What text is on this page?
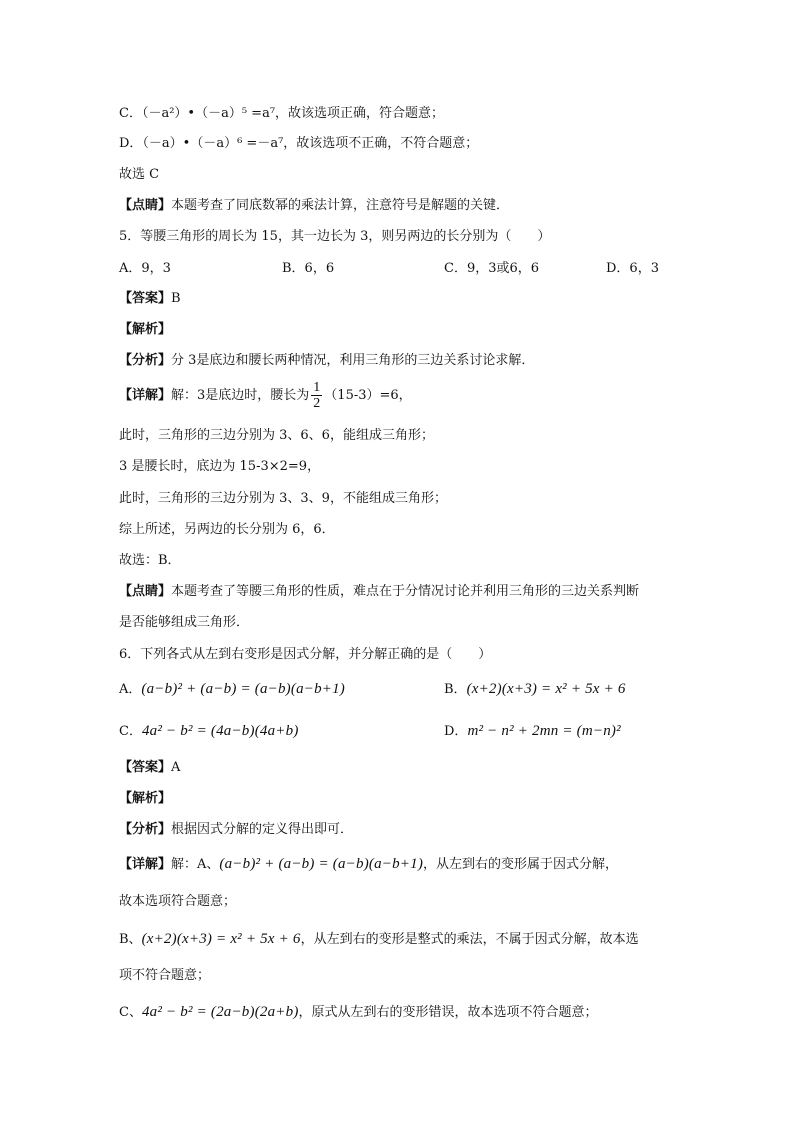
C．（－a²）•（－a）⁵ =a⁷，故该选项正确，符合题意；
D．（－a）•（－a）⁶ =－a⁷，故该选项不正确，不符合题意；
故选 C
【点睛】本题考查了同底数幂的乘法计算，注意符号是解题的关键．
5．等腰三角形的周长为 15，其一边长为 3，则另两边的长分别为（　　）
A．9，3	B．6，6	C．9，3或6，6	D．6，3
【答案】B
【解析】
【分析】分 3是底边和腰长两种情况，利用三角形的三边关系讨论求解．
【详解】解：3是底边时，腰长为 $\frac{1}{2} (15-3)=6$，
此时，三角形的三边分别为 3、6、6，能组成三角形；
3 是腰长时，底边为 15-3×2=9，
此时，三角形的三边分别为 3、3、9，不能组成三角形；
综上所述，另两边的长分别为 6，6．
故选：B．
【点睛】本题考查了等腰三角形的性质，难点在于分情况讨论并利用三角形的三边关系判断
是否能够组成三角形．
6．下列各式从左到右变形是因式分解，并分解正确的是（　　）
A．(a−b)² + (a−b) = (a−b)(a−b+1)	B．(x+2)(x+3) = x² + 5x + 6
C．4a² − b² = (4a−b)(4a+b)	D．m² − n² + 2mn = (m−n)²
【答案】A
【解析】
【分析】根据因式分解的定义得出即可．
【详解】解：A、(a−b)² + (a−b) = (a−b)(a−b+1)，从左到右的变形属于因式分解，
故本选项符合题意；
B、(x+2)(x+3) = x² + 5x + 6，从左到右的变形是整式的乘法，不属于因式分解，故本选
项不符合题意；
C、4a² − b² = (2a−b)(2a+b)，原式从左到右的变形错误，故本选项不符合题意；
